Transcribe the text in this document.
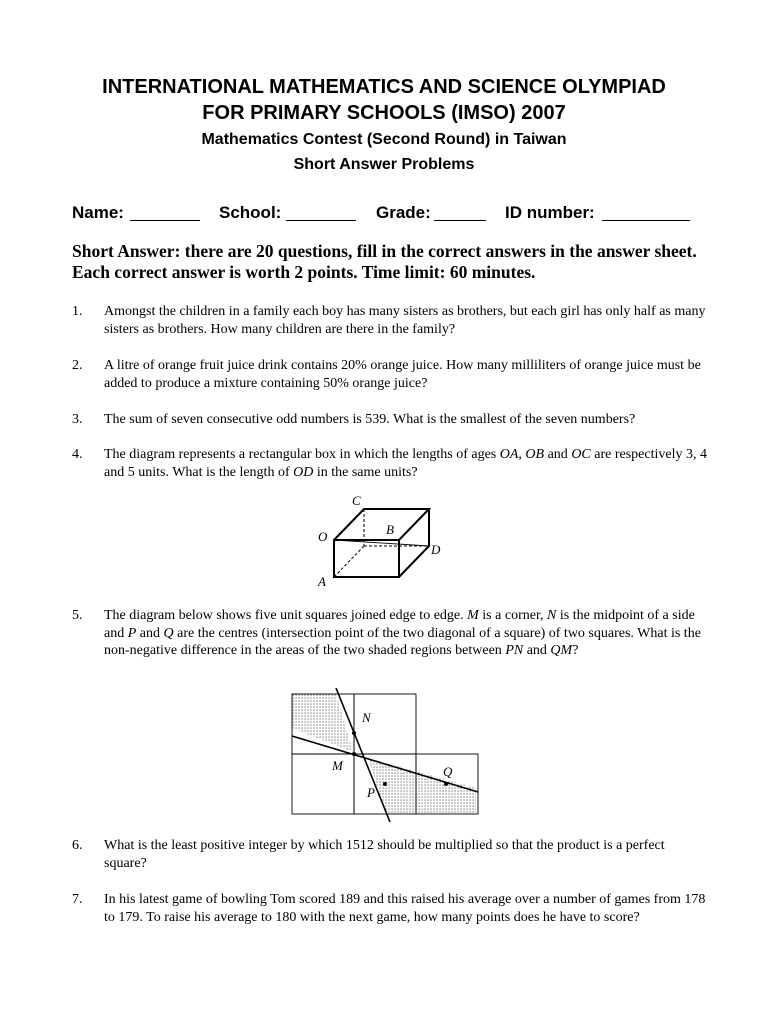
INTERNATIONAL MATHEMATICS AND SCIENCE OLYMPIAD
FOR PRIMARY SCHOOLS (IMSO) 2007
Mathematics Contest (Second Round) in Taiwan
Short Answer Problems
Name:	School:	Grade:	ID number:
Short Answer: there are 20 questions, fill in the correct answers in the answer sheet. Each correct answer is worth 2 points. Time limit: 60 minutes.
1. Amongst the children in a family each boy has many sisters as brothers, but each girl has only half as many sisters as brothers. How many children are there in the family?
2. A litre of orange fruit juice drink contains 20% orange juice. How many milliliters of orange juice must be added to produce a mixture containing 50% orange juice?
3. The sum of seven consecutive odd numbers is 539. What is the smallest of the seven numbers?
4. The diagram represents a rectangular box in which the lengths of ages OA, OB and OC are respectively 3, 4 and 5 units. What is the length of OD in the same units?
C
B
O
D
A
5. The diagram below shows five unit squares joined edge to edge. M is a corner, N is the midpoint of a side and P and Q are the centres (intersection point of the two diagonal of a square) of two squares. What is the non-negative difference in the areas of the two shaded regions between PN and QM?
N
M	Q
P
6. What is the least positive integer by which 1512 should be multiplied so that the product is a perfect square?
7. In his latest game of bowling Tom scored 189 and this raised his average over a number of games from 178 to 179. To raise his average to 180 with the next game, how many points does he have to score?
